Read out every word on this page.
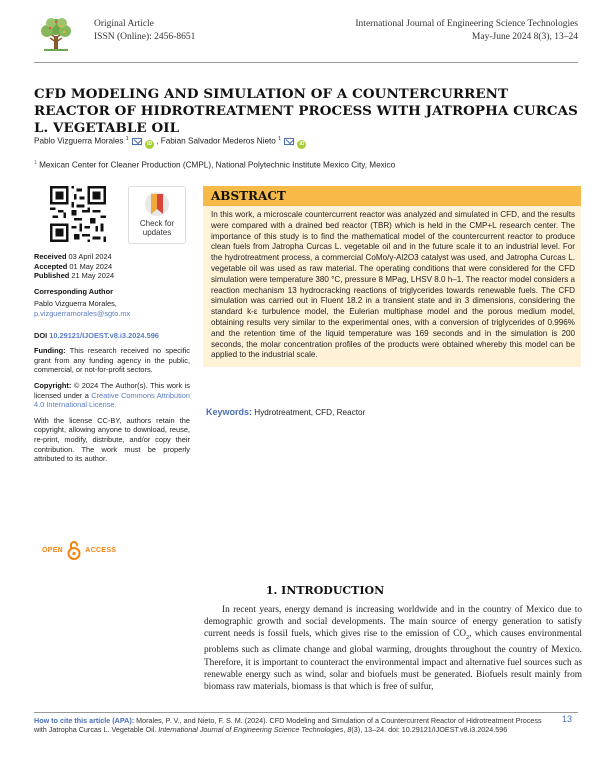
Original Article
ISSN (Online): 2456-8651
International Journal of Engineering Science Technologies
May-June 2024 8(3), 13–24
CFD MODELING AND SIMULATION OF A COUNTERCURRENT REACTOR OF HIDROTREATMENT PROCESS WITH JATROPHA CURCAS L. VEGETABLE OIL
Pablo Vizguerra Morales $^1$  iD , Fabian Salvador Mederos Nieto $^1$  iD
$^1$ Mexican Center for Cleaner Production (CMPL), National Polytechnic Institute Mexico City, Mexico
Check for
updates
Received 03 April 2024
Accepted 01 May 2024
Published 21 May 2024
Corresponding Author
Pablo Vizguerra Morales,
p.vizguerramorales@sgto.mx
DOI 10.29121/IJOEST.v8.i3.2024.596
Funding: This research received no specific grant from any funding agency in the public, commercial, or not-for-profit sectors.
Copyright: © 2024 The Author(s). This work is licensed under a Creative Commons Attribution 4.0 International License.
With the license CC-BY, authors retain the copyright, allowing anyone to download, reuse, re-print, modify, distribute, and/or copy their contribution. The work must be properly attributed to its author.
OPEN	ACCESS
ABSTRACT
In this work, a microscale countercurrent reactor was analyzed and simulated in CFD, and the results were compared with a drained bed reactor (TBR) which is held in the CMP+L research center. The importance of this study is to find the mathematical model of the countercurrent reactor to produce clean fuels from Jatropha Curcas L. vegetable oil and in the future scale it to an industrial level. For the hydrotreatment process, a commercial CoMo/γ-Al2O3 catalyst was used, and Jatropha Curcas L. vegetable oil was used as raw material. The operating conditions that were considered for the CFD simulation were temperature 380 °C, pressure 8 MPag, LHSV 8.0 h–1. The reactor model considers a reaction mechanism 13 hydrocracking reactions of triglycerides towards renewable fuels. The CFD simulation was carried out in Fluent 18.2 in a transient state and in 3 dimensions, considering the standard k-ε turbulence model, the Eulerian multiphase model and the porous medium model, obtaining results very similar to the experimental ones, with a conversion of triglycerides of 0.996% and the retention time of the liquid temperature was 169 seconds and in the simulation is 200 seconds, the molar concentration profiles of the products were obtained whereby this model can be applied to the industrial scale.
Keywords: Hydrotreatment, CFD, Reactor
1. INTRODUCTION
In recent years, energy demand is increasing worldwide and in the country of Mexico due to demographic growth and social developments. The main source of energy generation to satisfy current needs is fossil fuels, which gives rise to the emission of $CO_2$, which causes environmental problems such as climate change and global warming, droughts throughout the country of Mexico. Therefore, it is important to counteract the environmental impact and alternative fuel sources such as renewable energy such as wind, solar and biofuels must be generated. Biofuels result mainly from biomass raw materials, biomass is that which is free of sulfur,
How to cite this article (APA): Morales, P. V., and Nieto, F. S. M. (2024). CFD Modeling and Simulation of a Countercurrent Reactor of Hidrotreatment Process with Jatropha Curcas L. Vegetable Oil. International Journal of Engineering Science Technologies, 8(3), 13–24. doi: 10.29121/IJOEST.v8.i3.2024.596
13
